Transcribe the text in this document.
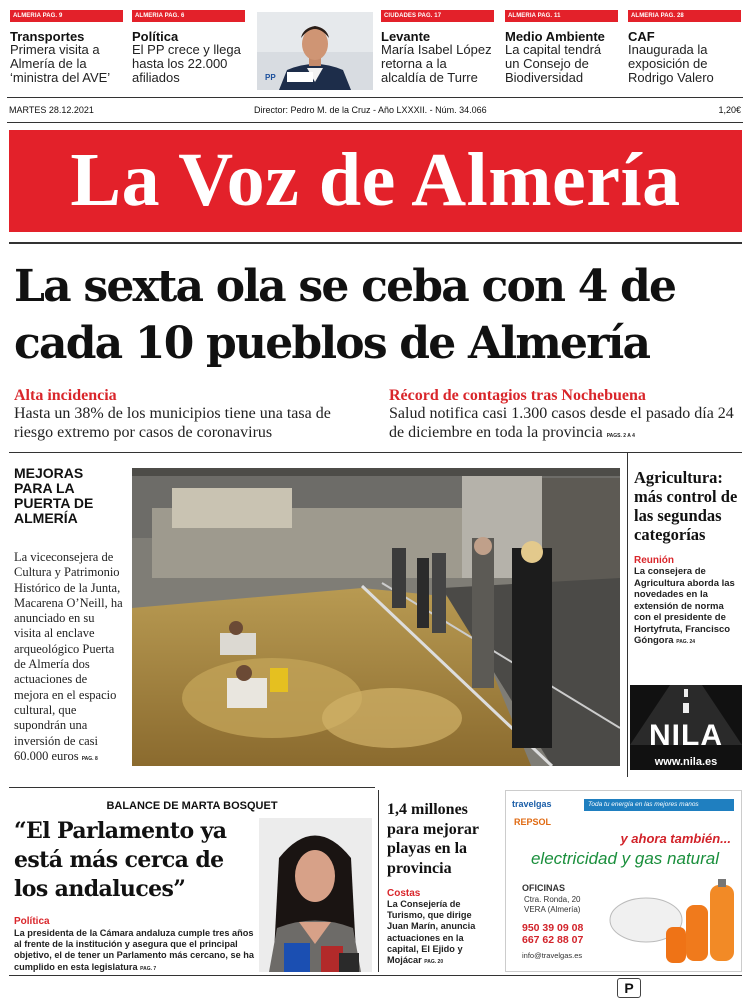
ALMERIA PAG. 9
Transportes

Primera visita a Almería de la ‘ministra del AVE’

ALMERIA PAG. 6
Política

El PP crece y llega hasta los 22.000 afiliados	PP
CIUDADES PAG. 17
Levante

María Isabel López retorna a la alcaldía de Turre

ALMERIA PAG. 11
Medio Ambiente

La capital tendrá un Consejo de Biodiversidad

ALMERIA PAG. 28
CAF

Inaugurada la exposición de Rodrigo Valero

MARTES 28.12.2021	Director: Pedro M. de la Cruz - Año LXXXII. - Núm. 34.066	1,20€
La Voz de Almería
La sexta ola se ceba con 4 de
cada 10 pueblos de Almería
Alta incidencia

Hasta un 38% de los municipios tiene una tasa de riesgo extremo por casos de coronavirus

Récord de contagios tras Nochebuena

Salud notifica casi 1.300 casos desde el pasado día 24 de diciembre en toda la provincia PAGS. 2 A 4

MEJORAS PARA LA PUERTA DE ALMERÍA

La viceconsejera de Cultura y Patrimonio Histórico de la Junta, Macarena O’Neill, ha anunciado en su visita al enclave arqueológico Puerta de Almería dos actuaciones de mejora en el espacio cultural, que supondrán una inversión de casi 60.000 euros PAG. 8

Agricultura: más control de las segundas categorías
Reunión

La consejera de Agricultura aborda las novedades en la extensión de norma con el presidente de Hortyfruta, Francisco Góngora PAG. 24

NILA
www.nila.es
BALANCE DE MARTA BOSQUET
“El Parlamento ya está más cerca de los andaluces”
Política
La presidenta de la Cámara andaluza cumple tres años al frente de la institución y asegura que el principal objetivo, el de tener un Parlamento más cercano, se ha cumplido en esta legislatura PAG. 7
1,4 millones para mejorar playas en la provincia
Costas

La Consejería de Turismo, que dirige Juan Marín, anuncia actuaciones en la capital, El Ejido y Mojácar PAG. 20

travelgas	Toda tu energía en las mejores manos
REPSOL
y ahora también...
electricidad y gas natural
OFICINAS
Ctra. Ronda, 20
VERA (Almería)
950 39 09 08
667 62 88 07
info@travelgas.es
P
